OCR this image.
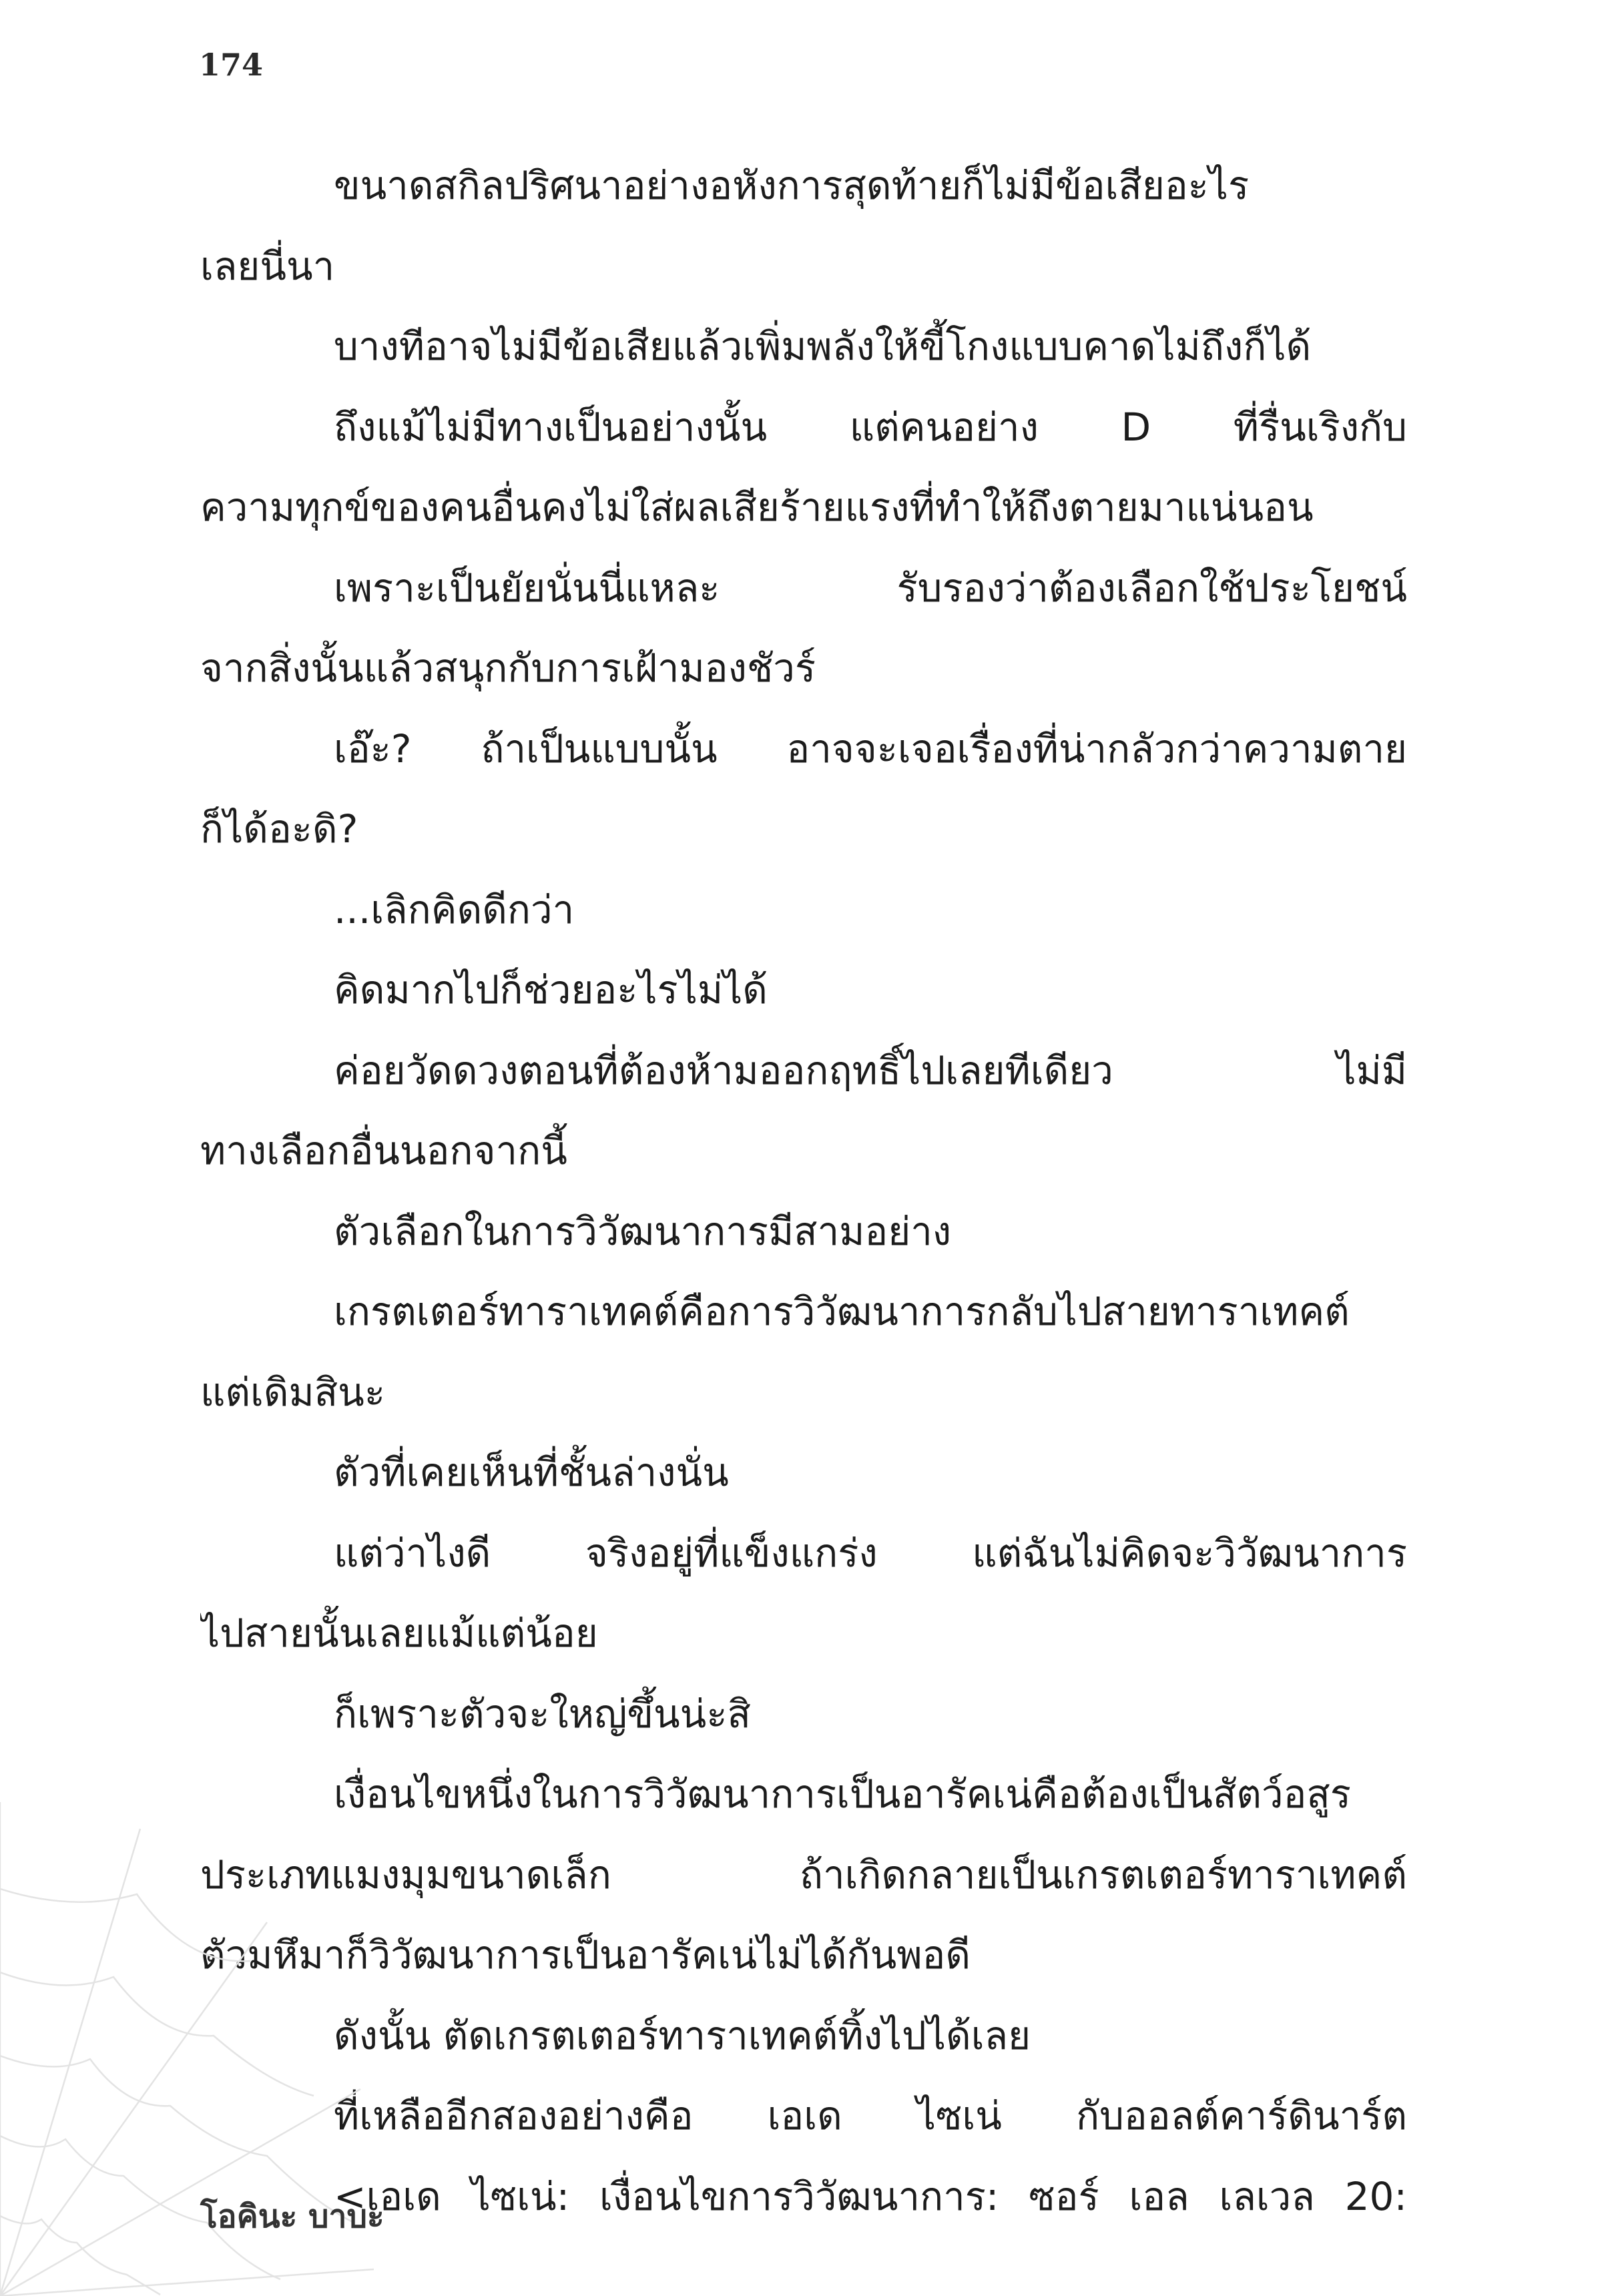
174
ขนาดสกิลปริศนาอย่างอหังการสุดท้ายก็ไม่มีข้อเสียอะไร
เลยนี่นา
บางทีอาจไม่มีข้อเสียแล้วเพิ่มพลังให้ขี้โกงแบบคาดไม่ถึงก็ได้
ถึงแม้ไม่มีทางเป็นอย่างนั้น แต่คนอย่าง D ที่รื่นเริงกับ
ความทุกข์ของคนอื่นคงไม่ใส่ผลเสียร้ายแรงที่ทำให้ถึงตายมาแน่นอน
เพราะเป็นยัยนั่นนี่แหละ รับรองว่าต้องเลือกใช้ประโยชน์
จากสิ่งนั้นแล้วสนุกกับการเฝ้ามองชัวร์
เอ๊ะ? ถ้าเป็นแบบนั้น อาจจะเจอเรื่องที่น่ากลัวกว่าความตาย
ก็ได้อะดิ?
...เลิกคิดดีกว่า
คิดมากไปก็ช่วยอะไรไม่ได้
ค่อยวัดดวงตอนที่ต้องห้ามออกฤทธิ์ไปเลยทีเดียว ไม่มี
ทางเลือกอื่นนอกจากนี้
ตัวเลือกในการวิวัฒนาการมีสามอย่าง
เกรตเตอร์ทาราเทคต์คือการวิวัฒนาการกลับไปสายทาราเทคต์
แต่เดิมสินะ
ตัวที่เคยเห็นที่ชั้นล่างนั่น
แต่ว่าไงดี จริงอยู่ที่แข็งแกร่ง แต่ฉันไม่คิดจะวิวัฒนาการ
ไปสายนั้นเลยแม้แต่น้อย
ก็เพราะตัวจะใหญ่ขึ้นน่ะสิ
เงื่อนไขหนึ่งในการวิวัฒนาการเป็นอารัคเน่คือต้องเป็นสัตว์อสูร
ประเภทแมงมุมขนาดเล็ก ถ้าเกิดกลายเป็นเกรตเตอร์ทาราเทคต์
ตัวมหึมาก็วิวัฒนาการเป็นอารัคเน่ไม่ได้กันพอดี
ดังนั้น ตัดเกรตเตอร์ทาราเทคต์ทิ้งไปได้เลย
ที่เหลืออีกสองอย่างคือ เอเด ไซเน่ กับออลต์คาร์ดินาร์ต
<เอเด ไซเน่: เงื่อนไขการวิวัฒนาการ: ซอร์ เอล เลเวล 20:
โอคินะ บาบะ
